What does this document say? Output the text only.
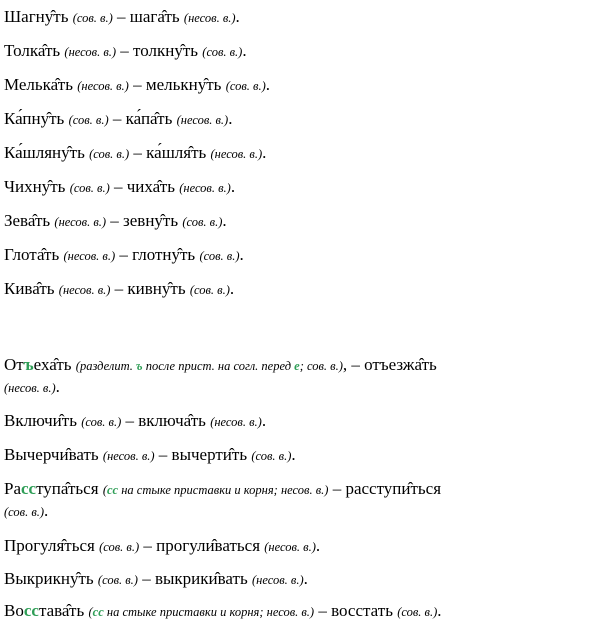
Шагну̂ть (сов. в.) – шага̂ть (несов. в.).
Толка̂ть (несов. в.) – толкну̂ть (сов. в.).
Мелька̂ть (несов. в.) – мелькну̂ть (сов. в.).
Ка́пну̂ть (сов. в.) – ка́па̂ть (несов. в.).
Ка́шляну̂ть (сов. в.) – ка́шля̂ть (несов. в.).
Чихну̂ть (сов. в.) – чиха̂ть (несов. в.).
Зева̂ть (несов. в.) – зевну̂ть (сов. в.).
Глота̂ть (несов. в.) – глотну̂ть (сов. в.).
Кива̂ть (несов. в.) – кивну̂ть (сов. в.).
Отъеха̂ть (разделит. ъ после прист. на согл. перед е; сов. в.), – отъезжа̂ть
(несов. в.).
Включи̂ть (сов. в.) – включа̂ть (несов. в.).
Вычерчи̂вать (несов. в.) – вычерти̂ть (сов. в.).
Расступа̂ться (сс на стыке приставки и корня; несов. в.) – расступи̂ться
(сов. в.).
Прогуля̂ться (сов. в.) – прогули̂ваться (несов. в.).
Выкрикну̂ть (сов. в.) – выкрики̂вать (несов. в.).
Восстава̂ть (сс на стыке приставки и корня; несов. в.) – восстать (сов. в.).
